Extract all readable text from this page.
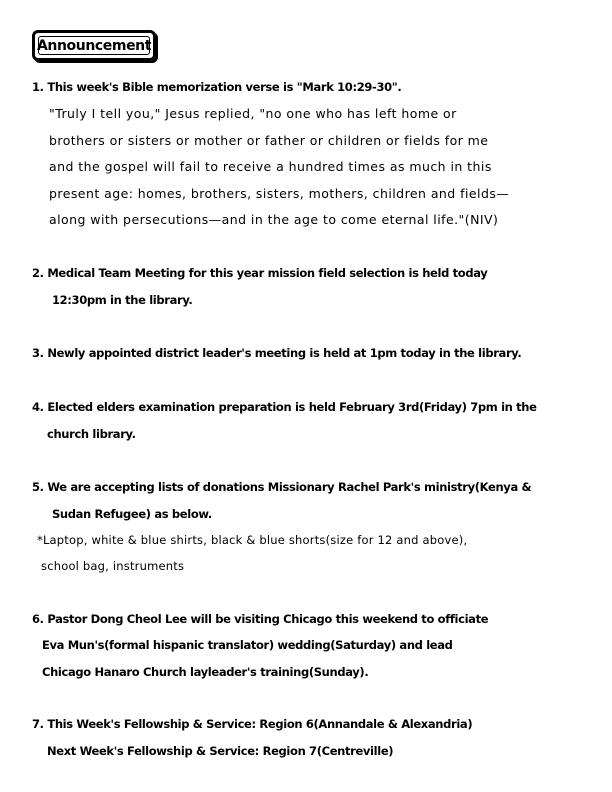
Announcement
1. This week's Bible memorization verse is "Mark 10:29-30".
"Truly I tell you," Jesus replied, "no one who has left home or
brothers or sisters or mother or father or children or fields for me
and the gospel will fail to receive a hundred times as much in this
present age: homes, brothers, sisters, mothers, children and fields—
along with persecutions—and in the age to come eternal life."(NIV)
2. Medical Team Meeting for this year mission field selection is held today
12:30pm in the library.
3. Newly appointed district leader's meeting is held at 1pm today in the library.
4. Elected elders examination preparation is held February 3rd(Friday) 7pm in the
church library.
5. We are accepting lists of donations Missionary Rachel Park's ministry(Kenya &
Sudan Refugee) as below.
*Laptop, white & blue shirts, black & blue shorts(size for 12 and above),
school bag, instruments
6. Pastor Dong Cheol Lee will be visiting Chicago this weekend to officiate
Eva Mun's(formal hispanic translator) wedding(Saturday) and lead
Chicago Hanaro Church layleader's training(Sunday).
7. This Week's Fellowship & Service: Region 6(Annandale & Alexandria)
Next Week's Fellowship & Service: Region 7(Centreville)
